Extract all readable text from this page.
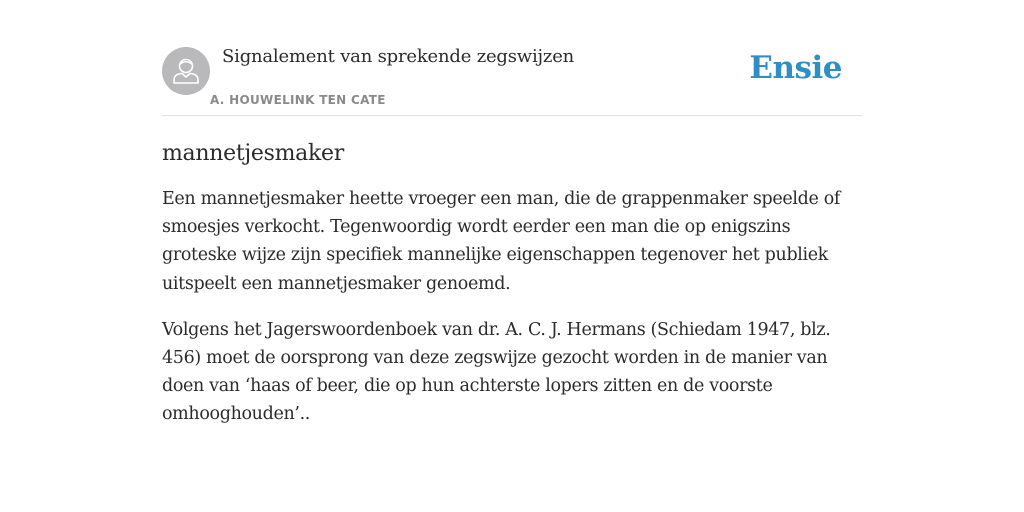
Signalement van sprekende zegswijzen
A. HOUWELINK TEN CATE
Ensie
mannetjesmaker

Een mannetjesmaker heette vroeger een man, die de grappenmaker speelde of smoesjes verkocht. Tegenwoordig wordt eerder een man die op enigszins groteske wijze zijn specifiek mannelijke eigenschappen tegenover het publiek uitspeelt een mannetjesmaker genoemd.

Volgens het Jagerswoordenboek van dr. A. C. J. Hermans (Schiedam 1947, blz. 456) moet de oorsprong van deze zegswijze gezocht worden in de manier van doen van ‘haas of beer, die op hun achterste lopers zitten en de voorste omhooghouden’..
